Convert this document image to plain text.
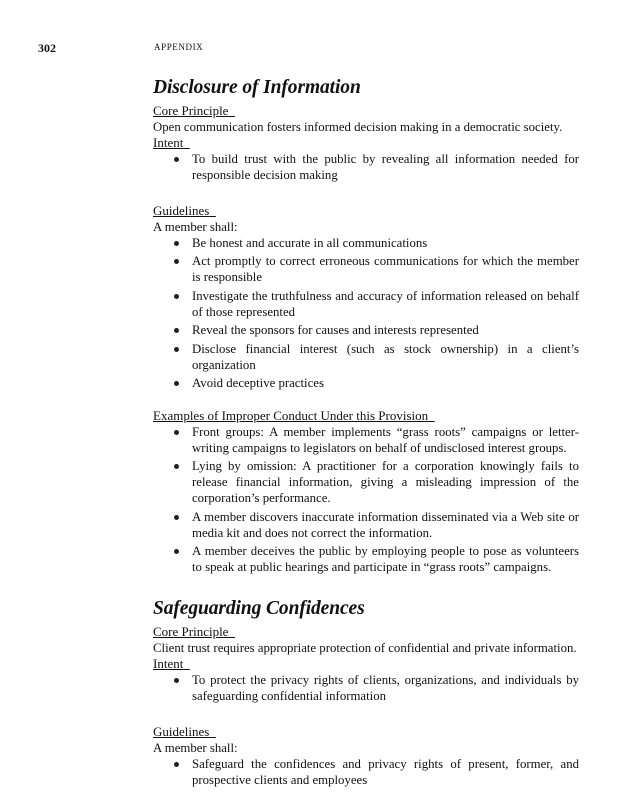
302	APPENDIX
Disclosure of Information
Core Principle

Open communication fosters informed decision making in a democratic society.

Intent
To build trust with the public by revealing all information needed for responsible decision making
Guidelines

A member shall:

Be honest and accurate in all communications
Act promptly to correct erroneous communications for which the member is responsible
Investigate the truthfulness and accuracy of information released on behalf of those represented
Reveal the sponsors for causes and interests represented
Disclose financial interest (such as stock ownership) in a client’s organization
Avoid deceptive practices
Examples of Improper Conduct Under this Provision
Front groups: A member implements “grass roots” campaigns or letter-writing campaigns to legislators on behalf of undisclosed interest groups.
Lying by omission: A practitioner for a corporation knowingly fails to release financial information, giving a misleading impression of the corporation’s performance.
A member discovers inaccurate information disseminated via a Web site or media kit and does not correct the information.
A member deceives the public by employing people to pose as volunteers to speak at public hearings and participate in “grass roots” campaigns.
Safeguarding Confidences
Core Principle

Client trust requires appropriate protection of confidential and private information.

Intent
To protect the privacy rights of clients, organizations, and individuals by safeguarding confidential information
Guidelines

A member shall:

Safeguard the confidences and privacy rights of present, former, and prospective clients and employees
